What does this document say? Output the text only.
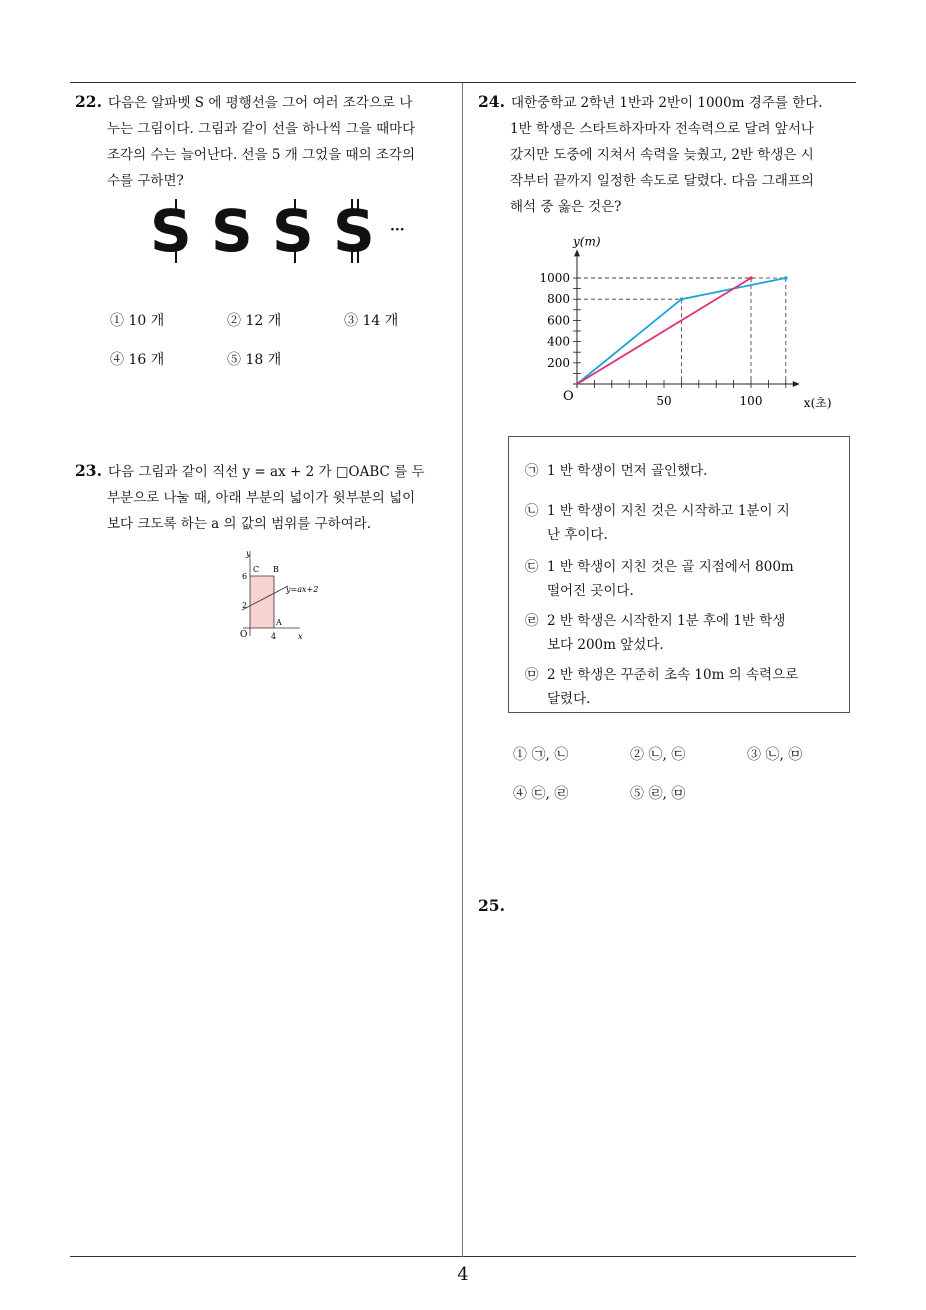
22. 다음은 알파벳 S 에 평행선을 그어 여러 조각으로 나
누는 그림이다. 그림과 같이 선을 하나씩 그을 때마다
조각의 수는 늘어난다. 선을 5 개 그었을 때의 조각의
수를 구하면?
S S S S ···
① 10 개	② 12 개	③ 14 개
④ 16 개	⑤ 18 개
23. 다음 그림과 같이 직선 y = ax + 2 가 □OABC 를 두
부분으로 나눌 때, 아래 부분의 넓이가 윗부분의 넓이
보다 크도록 하는 a 의 값의 범위를 구하여라.
y
x
O
6
2
4
C B
A
y=ax+2
24. 대한중학교 2학년 1반과 2반이 1000m 경주를 한다.
1반 학생은 스타트하자마자 전속력으로 달려 앞서나
갔지만 도중에 지쳐서 속력을 늦췄고, 2반 학생은 시
작부터 끝까지 일정한 속도로 달렸다. 다음 그래프의
해석 중 옳은 것은?
y(m)
x(초)
O	50	100
200
400
600
800
1000
㉠ 1 반 학생이 먼저 골인했다.
㉡ 1 반 학생이 지친 것은 시작하고 1분이 지
난 후이다.
㉢ 1 반 학생이 지친 것은 골 지점에서 800m
떨어진 곳이다.
㉣ 2 반 학생은 시작한지 1분 후에 1반 학생
보다 200m 앞섰다.
㉤ 2 반 학생은 꾸준히 초속 10m 의 속력으로
달렸다.
① ㉠, ㉡	② ㉡, ㉢	③ ㉡, ㉤
④ ㉢, ㉣	⑤ ㉣, ㉤
25.
4
